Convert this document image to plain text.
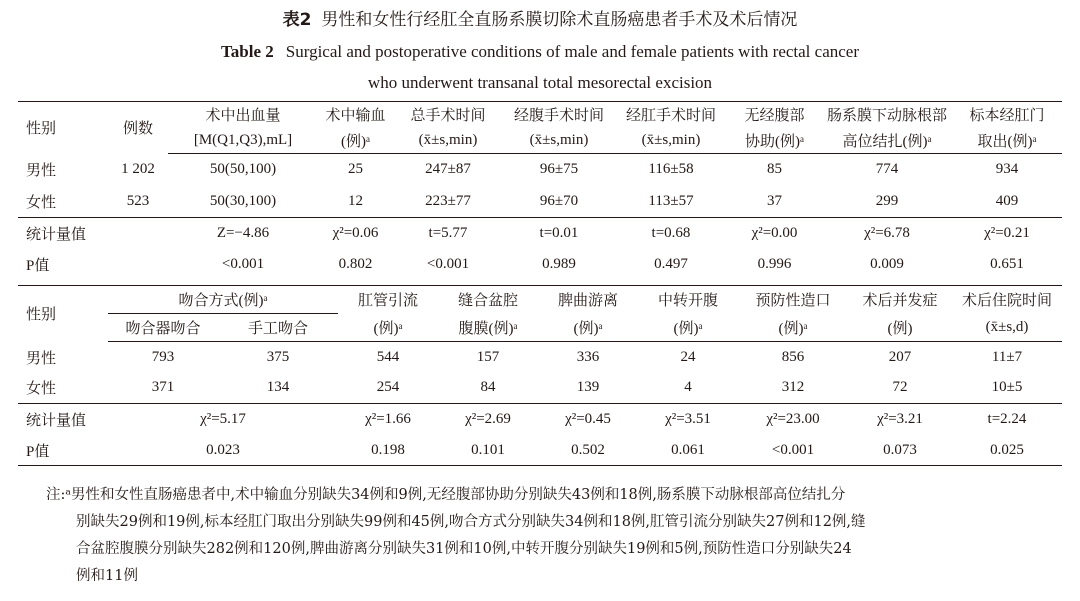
表2 男性和女性行经肛全直肠系膜切除术直肠癌患者手术及术后情况
Table 2 Surgical and postoperative conditions of male and female patients with rectal cancer
who underwent transanal total mesorectal excision
性别	例数	术中出血量	术中输血	总手术时间	经腹手术时间	经肛手术时间	无经腹部	肠系膜下动脉根部	标本经肛门
		[M(Q1,Q3),mL]	(例)ᵃ	(x̄±s,min)	(x̄±s,min)	(x̄±s,min)	协助(例)ᵃ	高位结扎(例)ᵃ	取出(例)ᵃ
男性	1 202	50(50,100)	25	247±87	96±75	116±58	85	774	934
女性	523	50(30,100)	12	223±77	96±70	113±57	37	299	409
统计量值		Z=−4.86	χ²=0.06	t=5.77	t=0.01	t=0.68	χ²=0.00	χ²=6.78	χ²=0.21
P值		<0.001	0.802	<0.001	0.989	0.497	0.996	0.009	0.651
性别	吻合方式(例)ᵃ		肛管引流	缝合盆腔	脾曲游离	中转开腹	预防性造口	术后并发症	术后住院时间
	吻合器吻合	手工吻合	(例)ᵃ	腹膜(例)ᵃ	(例)ᵃ	(例)ᵃ	(例)ᵃ	(例)	(x̄±s,d)
男性	793	375	544	157	336	24	856	207	11±7
女性	371	134	254	84	139	4	312	72	10±5
统计量值	χ²=5.17		χ²=1.66	χ²=2.69	χ²=0.45	χ²=3.51	χ²=23.00	χ²=3.21	t=2.24
P值	0.023		0.198	0.101	0.502	0.061	<0.001	0.073	0.025
注:ᵃ男性和女性直肠癌患者中,术中输血分别缺失34例和9例,无经腹部协助分别缺失43例和18例,肠系膜下动脉根部高位结扎分
别缺失29例和19例,标本经肛门取出分别缺失99例和45例,吻合方式分别缺失34例和18例,肛管引流分别缺失27例和12例,缝
合盆腔腹膜分别缺失282例和120例,脾曲游离分别缺失31例和10例,中转开腹分别缺失19例和5例,预防性造口分别缺失24
例和11例
